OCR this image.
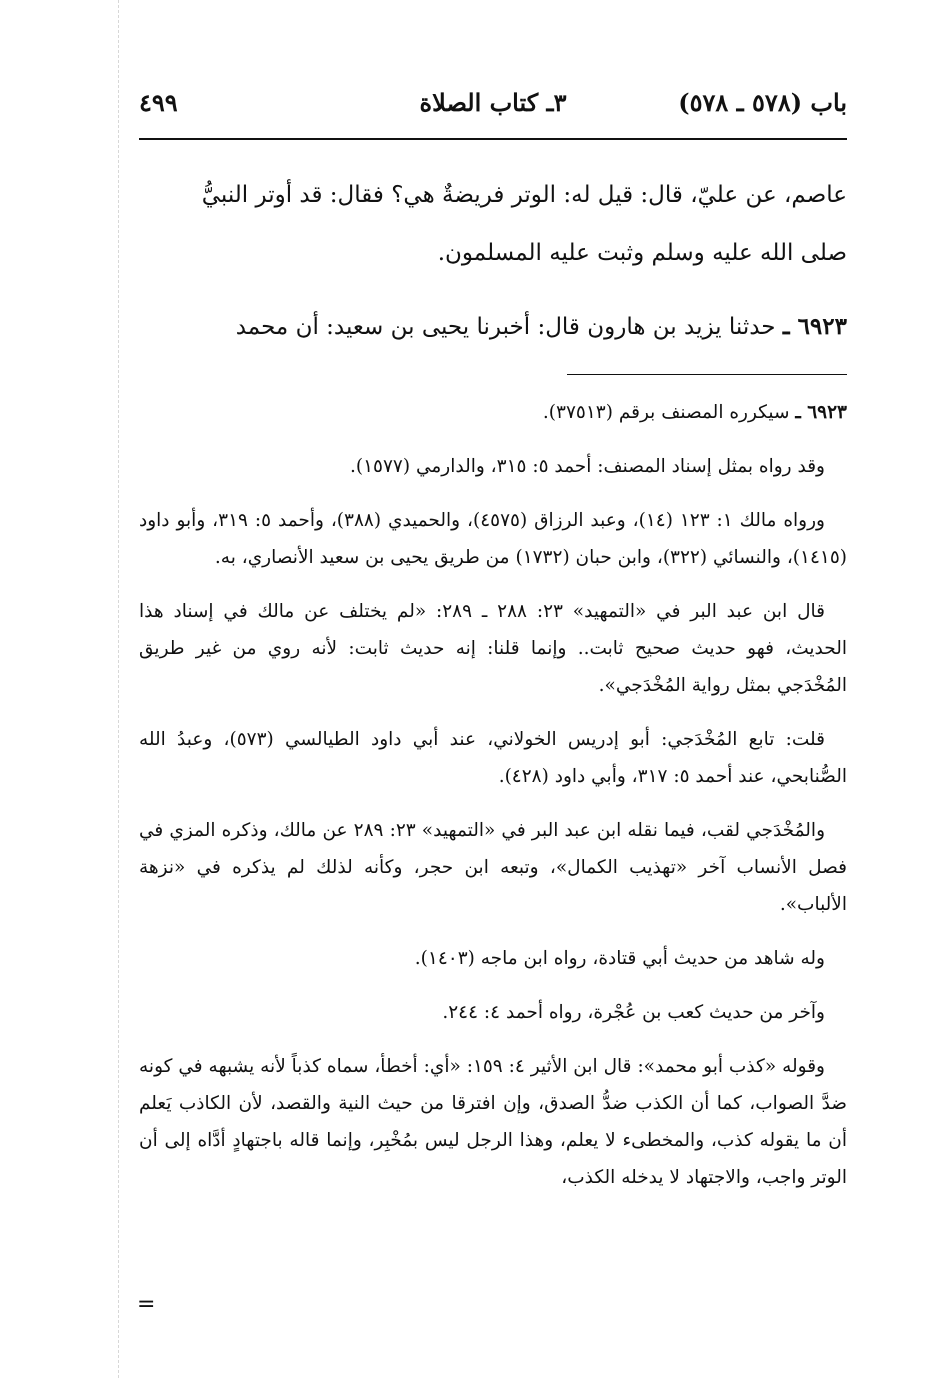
باب (٥٧٨ ـ ٥٧٨)
٣ـ كتاب الصلاة
٤٩٩

عاصم، عن عليّ، قال: قيل له: الوتر فريضةٌ هي؟ فقال: قد أوتر النبيُّ

صلى الله عليه وسلم وثبت عليه المسلمون.

٦٩٢٣ ـ حدثنا يزيد بن هارون قال: أخبرنا يحيى بن سعيد: أن محمد

٦٩٢٣ ـ سيكرره المصنف برقم (٣٧٥١٣).

وقد رواه بمثل إسناد المصنف: أحمد ٥: ٣١٥، والدارمي (١٥٧٧).

ورواه مالك ١: ١٢٣ (١٤)، وعبد الرزاق (٤٥٧٥)، والحميدي (٣٨٨)، وأحمد ٥: ٣١٩، وأبو داود (١٤١٥)، والنسائي (٣٢٢)، وابن حبان (١٧٣٢) من طريق يحيى بن سعيد الأنصاري، به.

قال ابن عبد البر في «التمهيد» ٢٣: ٢٨٨ ـ ٢٨٩: «لم يختلف عن مالك في إسناد هذا الحديث، فهو حديث صحيح ثابت.. وإنما قلنا: إنه حديث ثابت: لأنه روي من غير طريق المُخْدَجي بمثل رواية المُخْدَجي».

قلت: تابع المُخْدَجي: أبو إدريس الخولاني، عند أبي داود الطيالسي (٥٧٣)، وعبدُ الله الصُّنابحي، عند أحمد ٥: ٣١٧، وأبي داود (٤٢٨).

والمُخْدَجي لقب، فيما نقله ابن عبد البر في «التمهيد» ٢٣: ٢٨٩ عن مالك، وذكره المزي في فصل الأنساب آخر «تهذيب الكمال»، وتبعه ابن حجر، وكأنه لذلك لم يذكره في «نزهة الألباب».

وله شاهد من حديث أبي قتادة، رواه ابن ماجه (١٤٠٣).

وآخر من حديث كعب بن عُجْرة، رواه أحمد ٤: ٢٤٤.

وقوله «كذب أبو محمد»: قال ابن الأثير ٤: ١٥٩: «أي: أخطأ، سماه كذباً لأنه يشبهه في كونه ضدَّ الصواب، كما أن الكذب ضدُّ الصدق، وإن افترقا من حيث النية والقصد، لأن الكاذب يَعلم أن ما يقوله كذب، والمخطىء لا يعلم، وهذا الرجل ليس بمُخْبِر، وإنما قاله باجتهادٍ أدَّاه إلى أن الوتر واجب، والاجتهاد لا يدخله الكذب،

=
